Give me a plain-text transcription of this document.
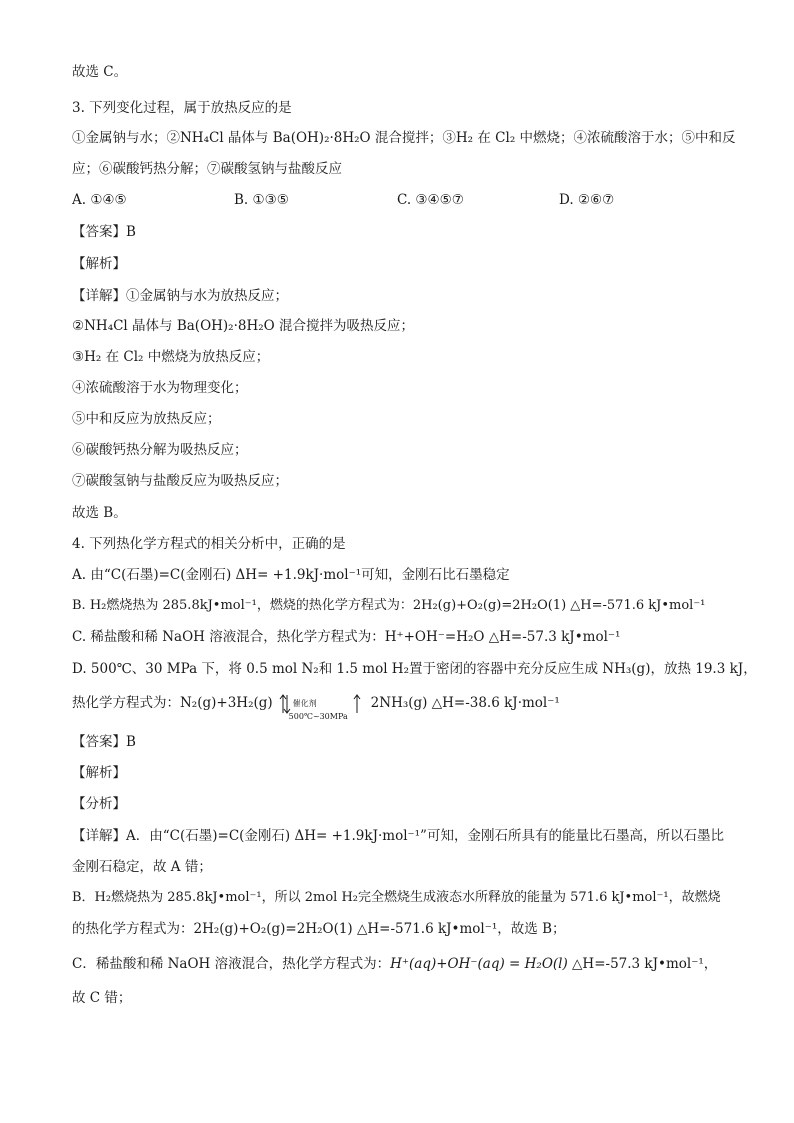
故选 C。
3. 下列变化过程，属于放热反应的是
①金属钠与水；②NH₄Cl 晶体与 Ba(OH)₂·8H₂O 混合搅拌；③H₂ 在 Cl₂ 中燃烧；④浓硫酸溶于水；⑤中和反
应；⑥碳酸钙热分解；⑦碳酸氢钠与盐酸反应
A. ①④⑤	B. ①③⑤	C. ③④⑤⑦	D. ②⑥⑦
【答案】B
【解析】
【详解】①金属钠与水为放热反应；
②NH₄Cl 晶体与 Ba(OH)₂·8H₂O 混合搅拌为吸热反应；
③H₂ 在 Cl₂ 中燃烧为放热反应；
④浓硫酸溶于水为物理变化；
⑤中和反应为放热反应；
⑥碳酸钙热分解为吸热反应；
⑦碳酸氢钠与盐酸反应为吸热反应；
故选 B。
4. 下列热化学方程式的相关分析中，正确的是
A. 由“C(石墨)=C(金刚石) ΔH= +1.9kJ·mol⁻¹可知，金刚石比石墨稳定
B. H₂燃烧热为 285.8kJ•mol⁻¹，燃烧的热化学方程式为：2H₂(g)+O₂(g)=2H₂O(1) △H=-571.6 kJ•mol⁻¹
C. 稀盐酸和稀 NaOH 溶液混合，热化学方程式为：H⁺+OH⁻=H₂O △H=-57.3 kJ•mol⁻¹
D. 500℃、30 MPa 下，将 0.5 mol N₂和 1.5 mol H₂置于密闭的容器中充分反应生成 NH₃(g)，放热 19.3 kJ，
热化学方程式为：N₂(g)+3H₂(g)	催化剂
500℃~30MPa
2NH₃(g) △H=-38.6 kJ·mol⁻¹
【答案】B
【解析】
【分析】
【详解】A．由“C(石墨)=C(金刚石) ΔH= +1.9kJ·mol⁻¹”可知，金刚石所具有的能量比石墨高，所以石墨比
金刚石稳定，故 A 错；
B．H₂燃烧热为 285.8kJ•mol⁻¹，所以 2mol H₂完全燃烧生成液态水所释放的能量为 571.6 kJ•mol⁻¹，故燃烧
的热化学方程式为：2H₂(g)+O₂(g)=2H₂O(1) △H=-571.6 kJ•mol⁻¹，故选 B；
C．稀盐酸和稀 NaOH 溶液混合，热化学方程式为：H⁺(aq)+OH⁻(aq) = H₂O(l) △H=-57.3 kJ•mol⁻¹，
故 C 错；
